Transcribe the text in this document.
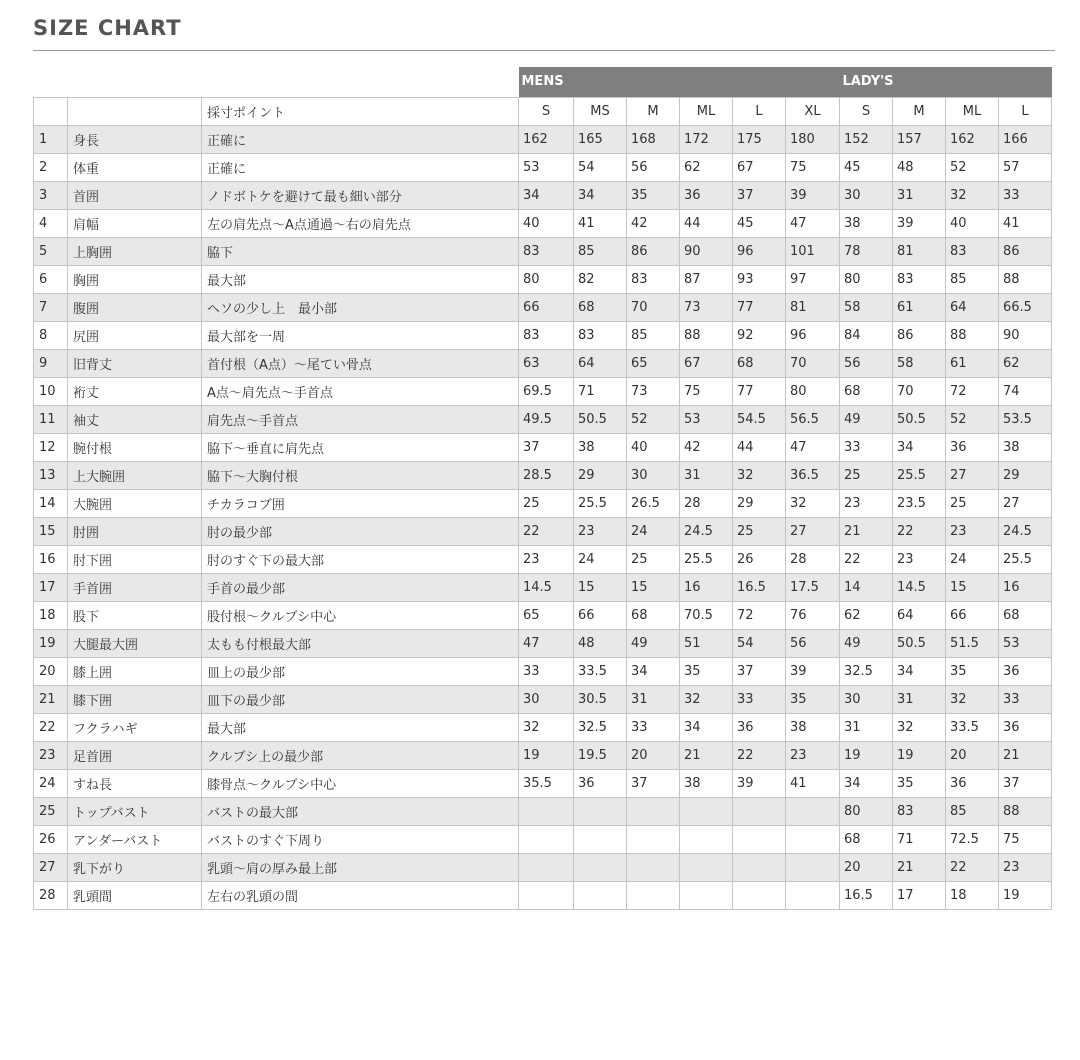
SIZE CHART
			MENS						LADY'S			
		採寸ポイント	S	MS	M	ML	L	XL	S	M	ML	L
1	身長	正確に	162	165	168	172	175	180	152	157	162	166
2	体重	正確に	53	54	56	62	67	75	45	48	52	57
3	首囲	ノドボトケを避けて最も細い部分	34	34	35	36	37	39	30	31	32	33
4	肩幅	左の肩先点～A点通過～右の肩先点	40	41	42	44	45	47	38	39	40	41
5	上胸囲	脇下	83	85	86	90	96	101	78	81	83	86
6	胸囲	最大部	80	82	83	87	93	97	80	83	85	88
7	腹囲	ヘソの少し上　最小部	66	68	70	73	77	81	58	61	64	66.5
8	尻囲	最大部を一周	83	83	85	88	92	96	84	86	88	90
9	旧背丈	首付根（A点）～尾てい骨点	63	64	65	67	68	70	56	58	61	62
10	裄丈	A点～肩先点～手首点	69.5	71	73	75	77	80	68	70	72	74
11	袖丈	肩先点～手首点	49.5	50.5	52	53	54.5	56.5	49	50.5	52	53.5
12	腕付根	脇下～垂直に肩先点	37	38	40	42	44	47	33	34	36	38
13	上大腕囲	脇下～大胸付根	28.5	29	30	31	32	36.5	25	25.5	27	29
14	大腕囲	チカラコブ囲	25	25.5	26.5	28	29	32	23	23.5	25	27
15	肘囲	肘の最少部	22	23	24	24.5	25	27	21	22	23	24.5
16	肘下囲	肘のすぐ下の最大部	23	24	25	25.5	26	28	22	23	24	25.5
17	手首囲	手首の最少部	14.5	15	15	16	16.5	17.5	14	14.5	15	16
18	股下	股付根～クルブシ中心	65	66	68	70.5	72	76	62	64	66	68
19	大腿最大囲	太もも付根最大部	47	48	49	51	54	56	49	50.5	51.5	53
20	膝上囲	皿上の最少部	33	33.5	34	35	37	39	32.5	34	35	36
21	膝下囲	皿下の最少部	30	30.5	31	32	33	35	30	31	32	33
22	フクラハギ	最大部	32	32.5	33	34	36	38	31	32	33.5	36
23	足首囲	クルブシ上の最少部	19	19.5	20	21	22	23	19	19	20	21
24	すね長	膝骨点～クルブシ中心	35.5	36	37	38	39	41	34	35	36	37
25	トップバスト	バストの最大部							80	83	85	88
26	アンダーバスト	バストのすぐ下周り							68	71	72.5	75
27	乳下がり	乳頭～肩の厚み最上部							20	21	22	23
28	乳頭間	左右の乳頭の間							16.5	17	18	19
